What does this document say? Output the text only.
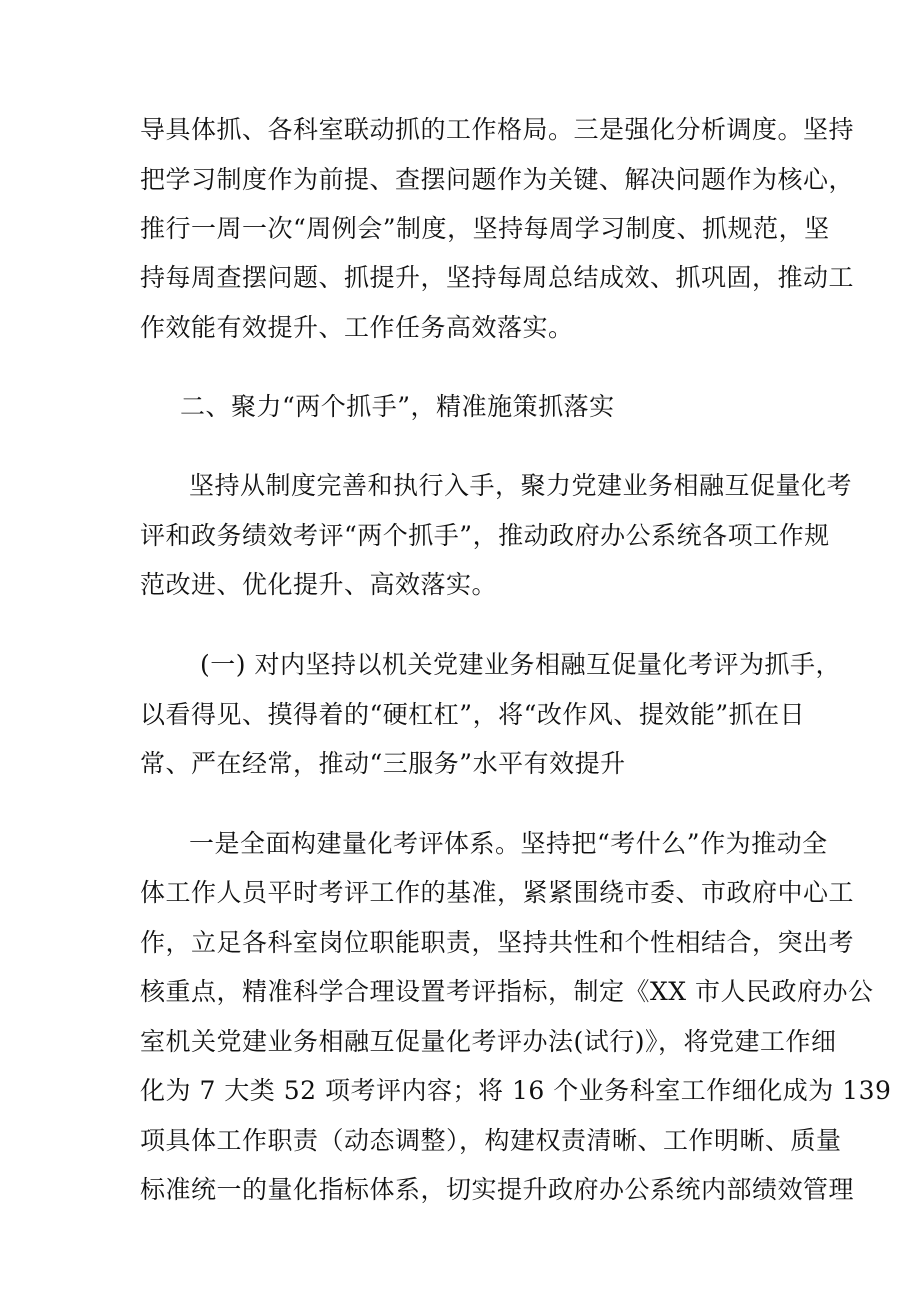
导具体抓、各科室联动抓的工作格局。三是强化分析调度。坚持
把学习制度作为前提、查摆问题作为关键、解决问题作为核心，
推行一周一次“周例会”制度，坚持每周学习制度、抓规范，坚
持每周查摆问题、抓提升，坚持每周总结成效、抓巩固，推动工
作效能有效提升、工作任务高效落实。
二、聚力“两个抓手”，精准施策抓落实
坚持从制度完善和执行入手，聚力党建业务相融互促量化考
评和政务绩效考评“两个抓手”，推动政府办公系统各项工作规
范改进、优化提升、高效落实。
(一) 对内坚持以机关党建业务相融互促量化考评为抓手，
以看得见、摸得着的“硬杠杠”，将“改作风、提效能”抓在日
常、严在经常，推动“三服务”水平有效提升
一是全面构建量化考评体系。坚持把“考什么”作为推动全
体工作人员平时考评工作的基准，紧紧围绕市委、市政府中心工
作，立足各科室岗位职能职责，坚持共性和个性相结合，突出考
核重点，精准科学合理设置考评指标，制定《XX 市人民政府办公
室机关党建业务相融互促量化考评办法(试行)》，将党建工作细
化为 7 大类 52 项考评内容；将 16 个业务科室工作细化成为 139
项具体工作职责（动态调整），构建权责清晰、工作明晰、质量
标准统一的量化指标体系，切实提升政府办公系统内部绩效管理
